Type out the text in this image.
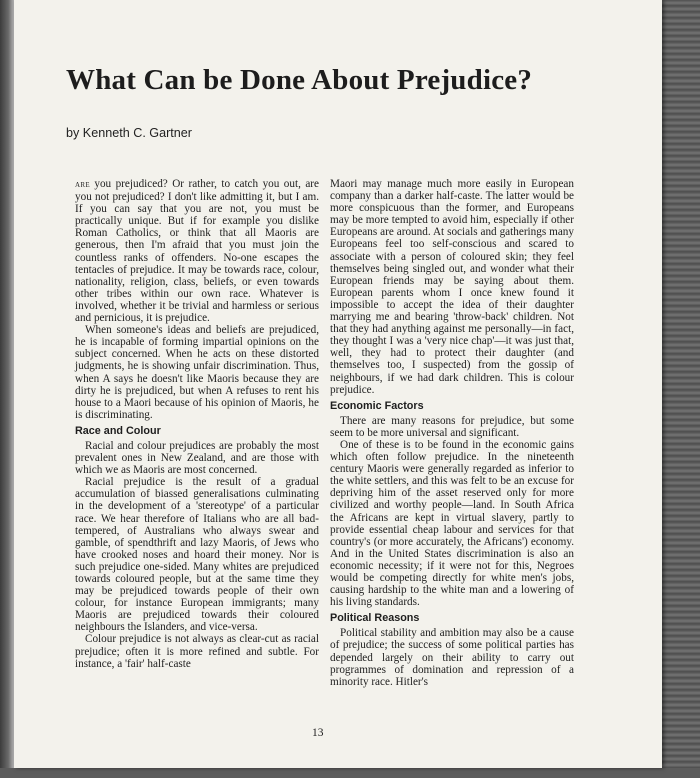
What Can be Done About Prejudice?
by Kenneth C. Gartner

are you prejudiced? Or rather, to catch you out, are you not prejudiced? I don't like admitting it, but I am. If you can say that you are not, you must be practically unique. But if for example you dislike Roman Catholics, or think that all Maoris are generous, then I'm afraid that you must join the countless ranks of offenders. No-one escapes the tentacles of prejudice. It may be towards race, colour, nationality, religion, class, beliefs, or even towards other tribes within our own race. Whatever is involved, whether it be trivial and harmless or serious and pernicious, it is prejudice.

When someone's ideas and beliefs are prejudiced, he is incapable of forming impartial opinions on the subject concerned. When he acts on these distorted judgments, he is showing unfair discrimination. Thus, when A says he doesn't like Maoris because they are dirty he is prejudiced, but when A refuses to rent his house to a Maori because of his opinion of Maoris, he is discriminating.

Race and Colour

Racial and colour prejudices are probably the most prevalent ones in New Zealand, and are those with which we as Maoris are most concerned.

Racial prejudice is the result of a gradual accumulation of biassed generalisations culminating in the development of a 'stereotype' of a particular race. We hear therefore of Italians who are all bad-tempered, of Australians who always swear and gamble, of spendthrift and lazy Maoris, of Jews who have crooked noses and hoard their money. Nor is such prejudice one-sided. Many whites are prejudiced towards coloured people, but at the same time they may be prejudiced towards people of their own colour, for instance European immigrants; many Maoris are prejudiced towards their coloured neighbours the Islanders, and vice-versa.

Colour prejudice is not always as clear-cut as racial prejudice; often it is more refined and subtle. For instance, a 'fair' half-caste

Maori may manage much more easily in European company than a darker half-caste. The latter would be more conspicuous than the former, and Europeans may be more tempted to avoid him, especially if other Europeans are around. At socials and gatherings many Europeans feel too self-conscious and scared to associate with a person of coloured skin; they feel themselves being singled out, and wonder what their European friends may be saying about them. European parents whom I once knew found it impossible to accept the idea of their daughter marrying me and bearing 'throw-back' children. Not that they had anything against me personally—in fact, they thought I was a 'very nice chap'—it was just that, well, they had to protect their daughter (and themselves too, I suspected) from the gossip of neighbours, if we had dark children. This is colour prejudice.

Economic Factors

There are many reasons for prejudice, but some seem to be more universal and significant.

One of these is to be found in the economic gains which often follow prejudice. In the nineteenth century Maoris were generally regarded as inferior to the white settlers, and this was felt to be an excuse for depriving him of the asset reserved only for more civilized and worthy people—land. In South Africa the Africans are kept in virtual slavery, partly to provide essential cheap labour and services for that country's (or more accurately, the Africans') economy. And in the United States discrimination is also an economic necessity; if it were not for this, Negroes would be competing directly for white men's jobs, causing hardship to the white man and a lowering of his living standards.

Political Reasons

Political stability and ambition may also be a cause of prejudice; the success of some political parties has depended largely on their ability to carry out programmes of domination and repression of a minority race. Hitler's

13
